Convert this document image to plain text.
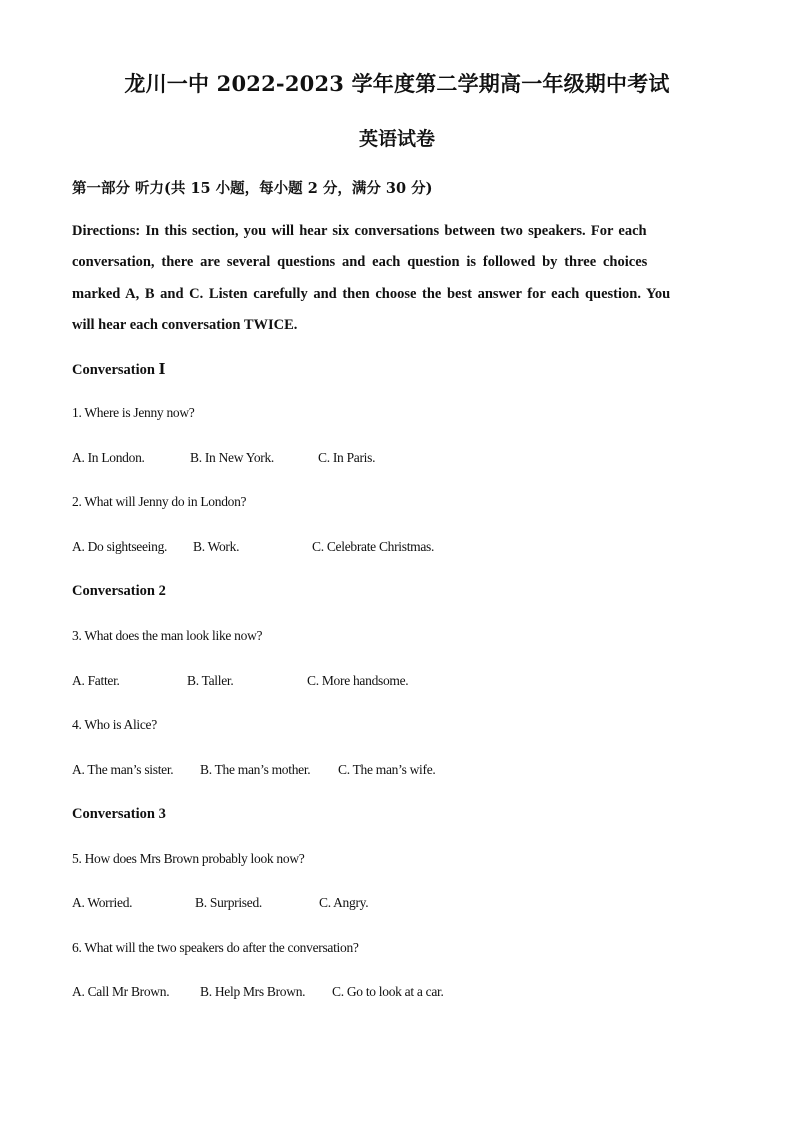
龙川一中 2022-2023 学年度第二学期高一年级期中考试
英语试卷
第一部分 听力(共 15 小题，每小题 2 分，满分 30 分)
Directions: In this section, you will hear six conversations between two speakers. For each
conversation, there are several questions and each question is followed by three choices
marked A, B and C. Listen carefully and then choose the best answer for each question. You
will hear each conversation TWICE.
Conversation Ⅰ
1. Where is Jenny now?
A. In London.	B. In New York.	C. In Paris.
2. What will Jenny do in London?
A. Do sightseeing. B. Work.	C. Celebrate Christmas.
Conversation 2
3. What does the man look like now?
A. Fatter.	B. Taller.	C. More handsome.
4. Who is Alice?
A. The man’s sister. B. The man’s mother. C. The man’s wife.
Conversation 3
5. How does Mrs Brown probably look now?
A. Worried.	B. Surprised.	C. Angry.
6. What will the two speakers do after the conversation?
A. Call Mr Brown. B. Help Mrs Brown. C. Go to look at a car.
